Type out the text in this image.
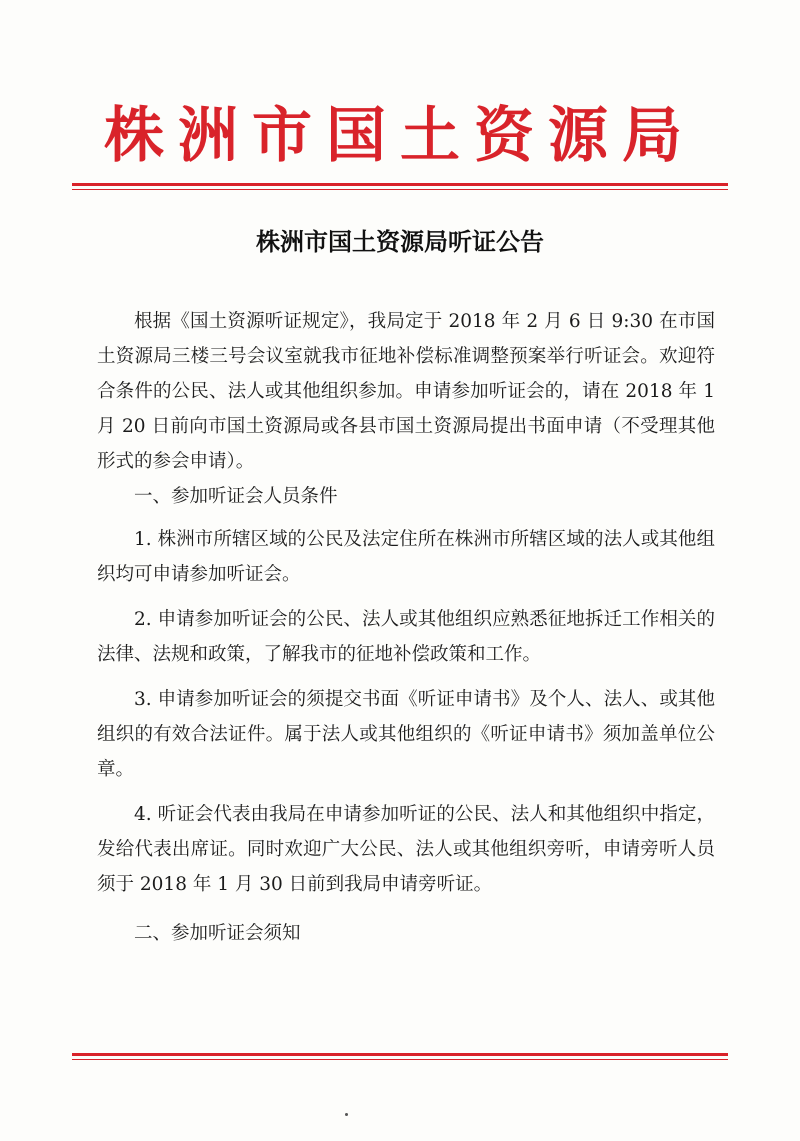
株洲市国土资源局
株洲市国土资源局听证公告

根据《国土资源听证规定》，我局定于 2018 年 2 月 6 日 9:30 在市国土资源局三楼三号会议室就我市征地补偿标准调整预案举行听证会。欢迎符合条件的公民、法人或其他组织参加。申请参加听证会的，请在 2018 年 1 月 20 日前向市国土资源局或各县市国土资源局提出书面申请（不受理其他形式的参会申请）。

一、参加听证会人员条件

1. 株洲市所辖区域的公民及法定住所在株洲市所辖区域的法人或其他组织均可申请参加听证会。

2. 申请参加听证会的公民、法人或其他组织应熟悉征地拆迁工作相关的法律、法规和政策，了解我市的征地补偿政策和工作。

3. 申请参加听证会的须提交书面《听证申请书》及个人、法人、或其他组织的有效合法证件。属于法人或其他组织的《听证申请书》须加盖单位公章。

4. 听证会代表由我局在申请参加听证的公民、法人和其他组织中指定，发给代表出席证。同时欢迎广大公民、法人或其他组织旁听，申请旁听人员须于 2018 年 1 月 30 日前到我局申请旁听证。

二、参加听证会须知
